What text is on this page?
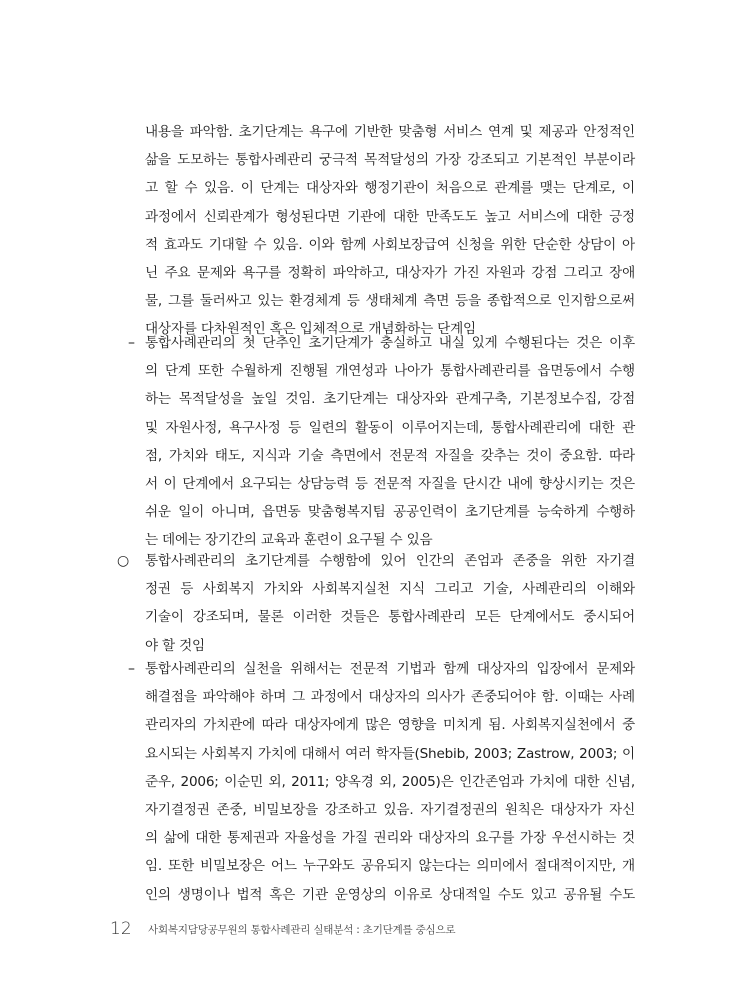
내용을 파악함. 초기단계는 욕구에 기반한 맞춤형 서비스 연계 및 제공과 안정적인
삶을 도모하는 통합사례관리 궁극적 목적달성의 가장 강조되고 기본적인 부분이라
고 할 수 있음. 이 단계는 대상자와 행정기관이 처음으로 관계를 맺는 단계로, 이
과정에서 신뢰관계가 형성된다면 기관에 대한 만족도도 높고 서비스에 대한 긍정
적 효과도 기대할 수 있음. 이와 함께 사회보장급여 신청을 위한 단순한 상담이 아
닌 주요 문제와 욕구를 정확히 파악하고, 대상자가 가진 자원과 강점 그리고 장애
물, 그를 둘러싸고 있는 환경체계 등 생태체계 측면 등을 종합적으로 인지함으로써
대상자를 다차원적인 혹은 입체적으로 개념화하는 단계임
– 통합사례관리의 첫 단추인 초기단계가 충실하고 내실 있게 수행된다는 것은 이후
의 단계 또한 수월하게 진행될 개연성과 나아가 통합사례관리를 읍면동에서 수행
하는 목적달성을 높일 것임. 초기단계는 대상자와 관계구축, 기본정보수집, 강점
및 자원사정, 욕구사정 등 일련의 활동이 이루어지는데, 통합사례관리에 대한 관
점, 가치와 태도, 지식과 기술 측면에서 전문적 자질을 갖추는 것이 중요함. 따라
서 이 단계에서 요구되는 상담능력 등 전문적 자질을 단시간 내에 향상시키는 것은
쉬운 일이 아니며, 읍면동 맞춤형복지팀 공공인력이 초기단계를 능숙하게 수행하
는 데에는 장기간의 교육과 훈련이 요구될 수 있음
○ 통합사례관리의 초기단계를 수행함에 있어 인간의 존엄과 존중을 위한 자기결
정권 등 사회복지 가치와 사회복지실천 지식 그리고 기술, 사례관리의 이해와
기술이 강조되며, 물론 이러한 것들은 통합사례관리 모든 단계에서도 중시되어
야 할 것임
– 통합사례관리의 실천을 위해서는 전문적 기법과 함께 대상자의 입장에서 문제와
해결점을 파악해야 하며 그 과정에서 대상자의 의사가 존중되어야 함. 이때는 사례
관리자의 가치관에 따라 대상자에게 많은 영향을 미치게 됨. 사회복지실천에서 중
요시되는 사회복지 가치에 대해서 여러 학자들(Shebib, 2003; Zastrow, 2003; 이
준우, 2006; 이순민 외, 2011; 양옥경 외, 2005)은 인간존엄과 가치에 대한 신념,
자기결정권 존중, 비밀보장을 강조하고 있음. 자기결정권의 원칙은 대상자가 자신
의 삶에 대한 통제권과 자율성을 가질 권리와 대상자의 요구를 가장 우선시하는 것
임. 또한 비밀보장은 어느 누구와도 공유되지 않는다는 의미에서 절대적이지만, 개
인의 생명이나 법적 혹은 기관 운영상의 이유로 상대적일 수도 있고 공유될 수도
12 사회복지담당공무원의 통합사례관리 실태분석 : 초기단계를 중심으로
